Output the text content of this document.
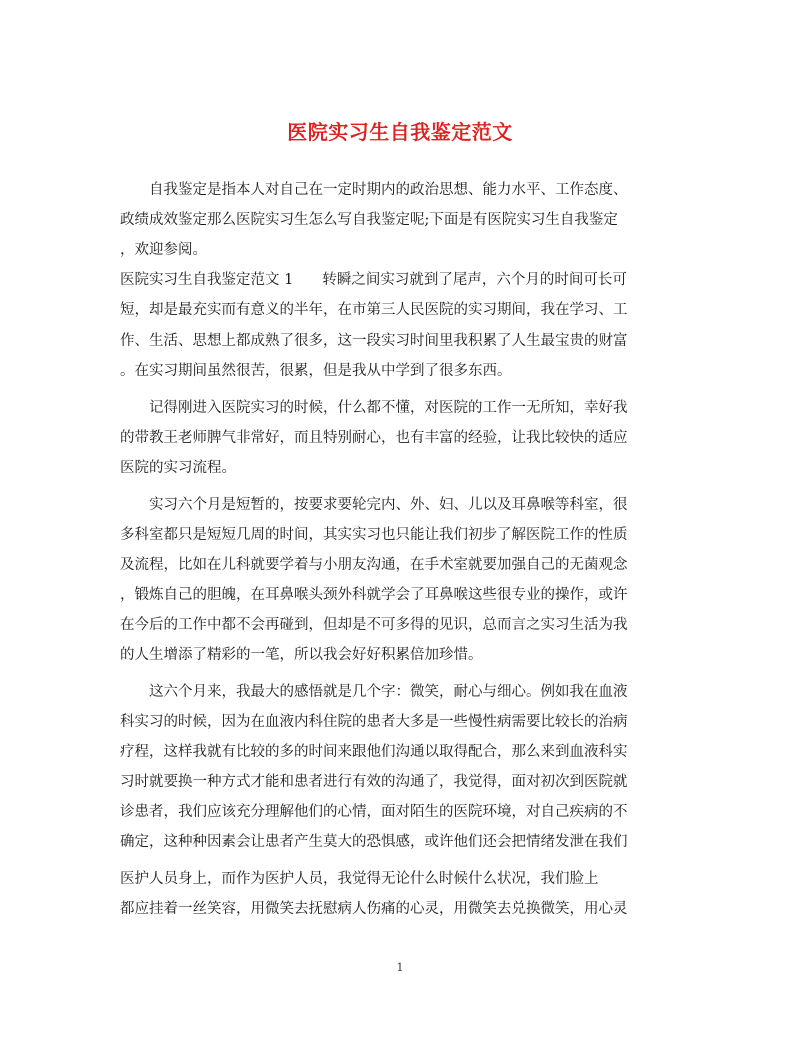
医院实习生自我鉴定范文
自我鉴定是指本人对自己在一定时期内的政治思想、能力水平、工作态度、
政绩成效鉴定那么医院实习生怎么写自我鉴定呢;下面是有医院实习生自我鉴定
，欢迎参阅。
医院实习生自我鉴定范文 1　　转瞬之间实习就到了尾声，六个月的时间可长可
短，却是最充实而有意义的半年，在市第三人民医院的实习期间，我在学习、工
作、生活、思想上都成熟了很多，这一段实习时间里我积累了人生最宝贵的财富
。在实习期间虽然很苦，很累，但是我从中学到了很多东西。
记得刚进入医院实习的时候，什么都不懂，对医院的工作一无所知，幸好我
的带教王老师脾气非常好，而且特别耐心，也有丰富的经验，让我比较快的适应
医院的实习流程。
实习六个月是短暂的，按要求要轮完内、外、妇、儿以及耳鼻喉等科室，很
多科室都只是短短几周的时间，其实实习也只能让我们初步了解医院工作的性质
及流程，比如在儿科就要学着与小朋友沟通，在手术室就要加强自己的无菌观念
，锻炼自己的胆魄，在耳鼻喉头颈外科就学会了耳鼻喉这些很专业的操作，或许
在今后的工作中都不会再碰到，但却是不可多得的见识，总而言之实习生活为我
的人生增添了精彩的一笔，所以我会好好积累倍加珍惜。
这六个月来，我最大的感悟就是几个字：微笑，耐心与细心。例如我在血液
科实习的时候，因为在血液内科住院的患者大多是一些慢性病需要比较长的治病
疗程，这样我就有比较的多的时间来跟他们沟通以取得配合，那么来到血液科实
习时就要换一种方式才能和患者进行有效的沟通了，我觉得，面对初次到医院就
诊患者，我们应该充分理解他们的心情，面对陌生的医院环境，对自己疾病的不
确定，这种种因素会让患者产生莫大的恐惧感，或许他们还会把情绪发泄在我们
医护人员身上，而作为医护人员，我觉得无论什么时候什么状况，我们脸上
都应挂着一丝笑容，用微笑去抚慰病人伤痛的心灵，用微笑去兑换微笑，用心灵
1
